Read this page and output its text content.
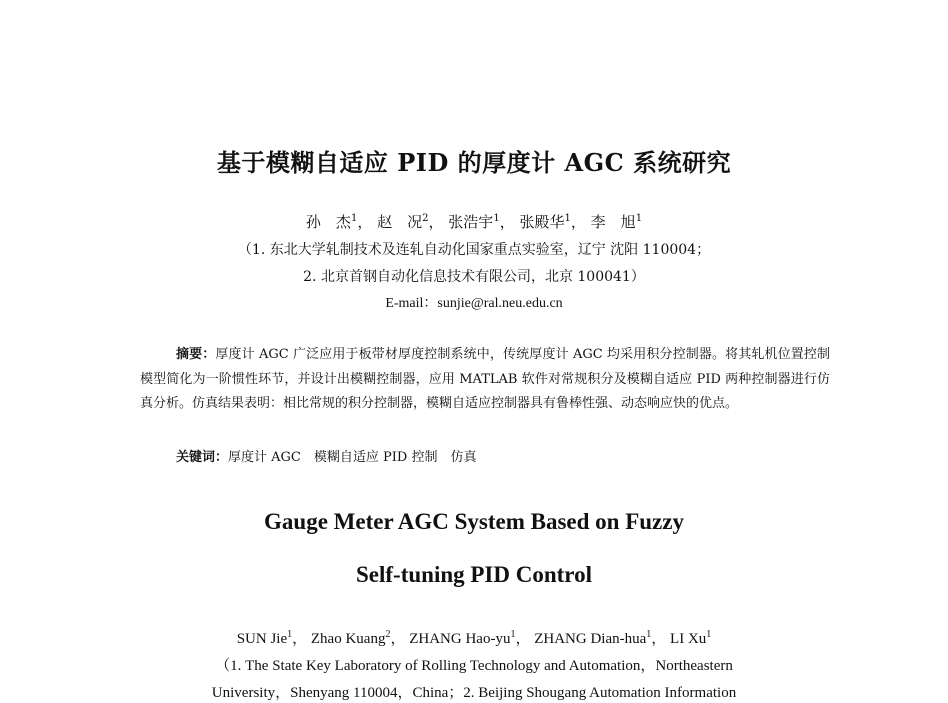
基于模糊自适应 PID 的厚度计 AGC 系统研究
孙　杰$^1$， 赵　况$^2$， 张浩宇$^1$， 张殿华$^1$， 李　旭$^1$
（1. 东北大学轧制技术及连轧自动化国家重点实验室，辽宁 沈阳 110004；
2. 北京首钢自动化信息技术有限公司，北京 100041）
E-mail：sunjie@ral.neu.edu.cn
摘要：厚度计 AGC 广泛应用于板带材厚度控制系统中，传统厚度计 AGC 均采用积分控制器。将其轧机位置控制模型简化为一阶惯性环节，并设计出模糊控制器，应用 MATLAB 软件对常规积分及模糊自适应 PID 两种控制器进行仿真分析。仿真结果表明：相比常规的积分控制器，模糊自适应控制器具有鲁棒性强、动态响应快的优点。
关键词：厚度计 AGC　模糊自适应 PID 控制　仿真
Gauge Meter AGC System Based on Fuzzy
Self-tuning PID Control
SUN Jie$^1$， Zhao Kuang$^2$， ZHANG Hao-$yu^1$， ZHANG Dian-hua$^1$， LI Xu$^1$
（1. The State Key Laboratory of Rolling Technology and Automation，Northeastern
University，Shenyang 110004，China；2. Beijing Shougang Automation Information
